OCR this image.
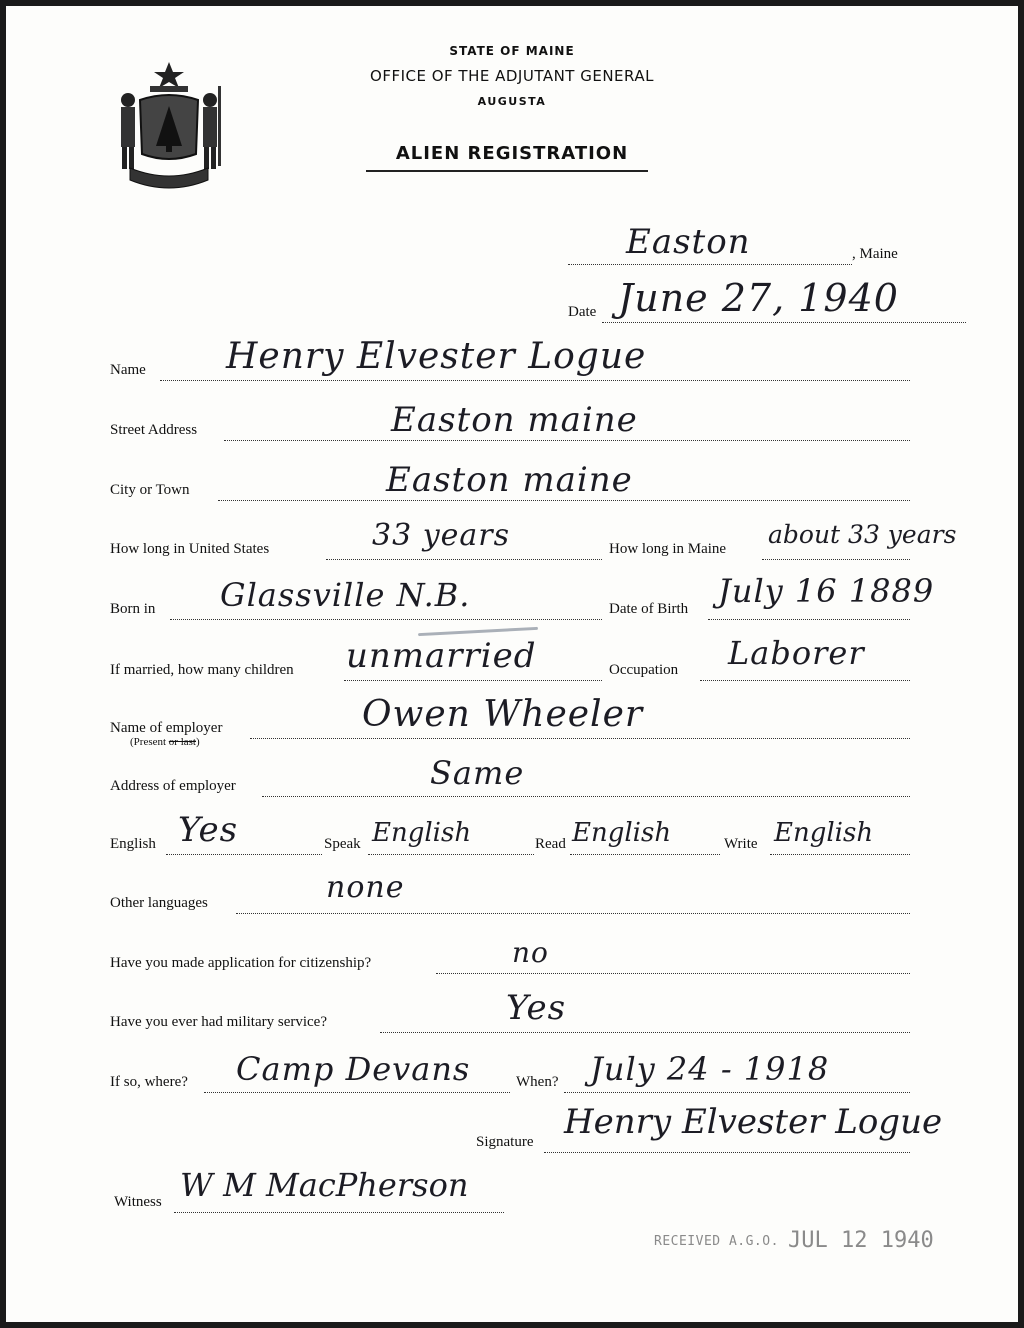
STATE OF MAINE
OFFICE OF THE ADJUTANT GENERAL
AUGUSTA
ALIEN REGISTRATION
Easton	, Maine
Date June 27, 1940
Name Henry Elvester Logue
Street Address	Easton maine
City or Town	Easton maine
How long in United States	33 years	How long in Maine about 33 years
Born in Glassville N.B.	Date of Birth July 16 1889
If married, how many children unmarried	Occupation Laborer
Name of employer
(Present or last)
Owen Wheeler
Address of employer	Same
English Yes	Speak English	Read English	Write English
Other languages	none
Have you made application for citizenship?	no
Have you ever had military service?	Yes
If so, where? Camp Devans	When? July 24 - 1918
Signature Henry Elvester Logue
Witness W M MacPherson
RECEIVED A.G.O. JUL 12 1940
